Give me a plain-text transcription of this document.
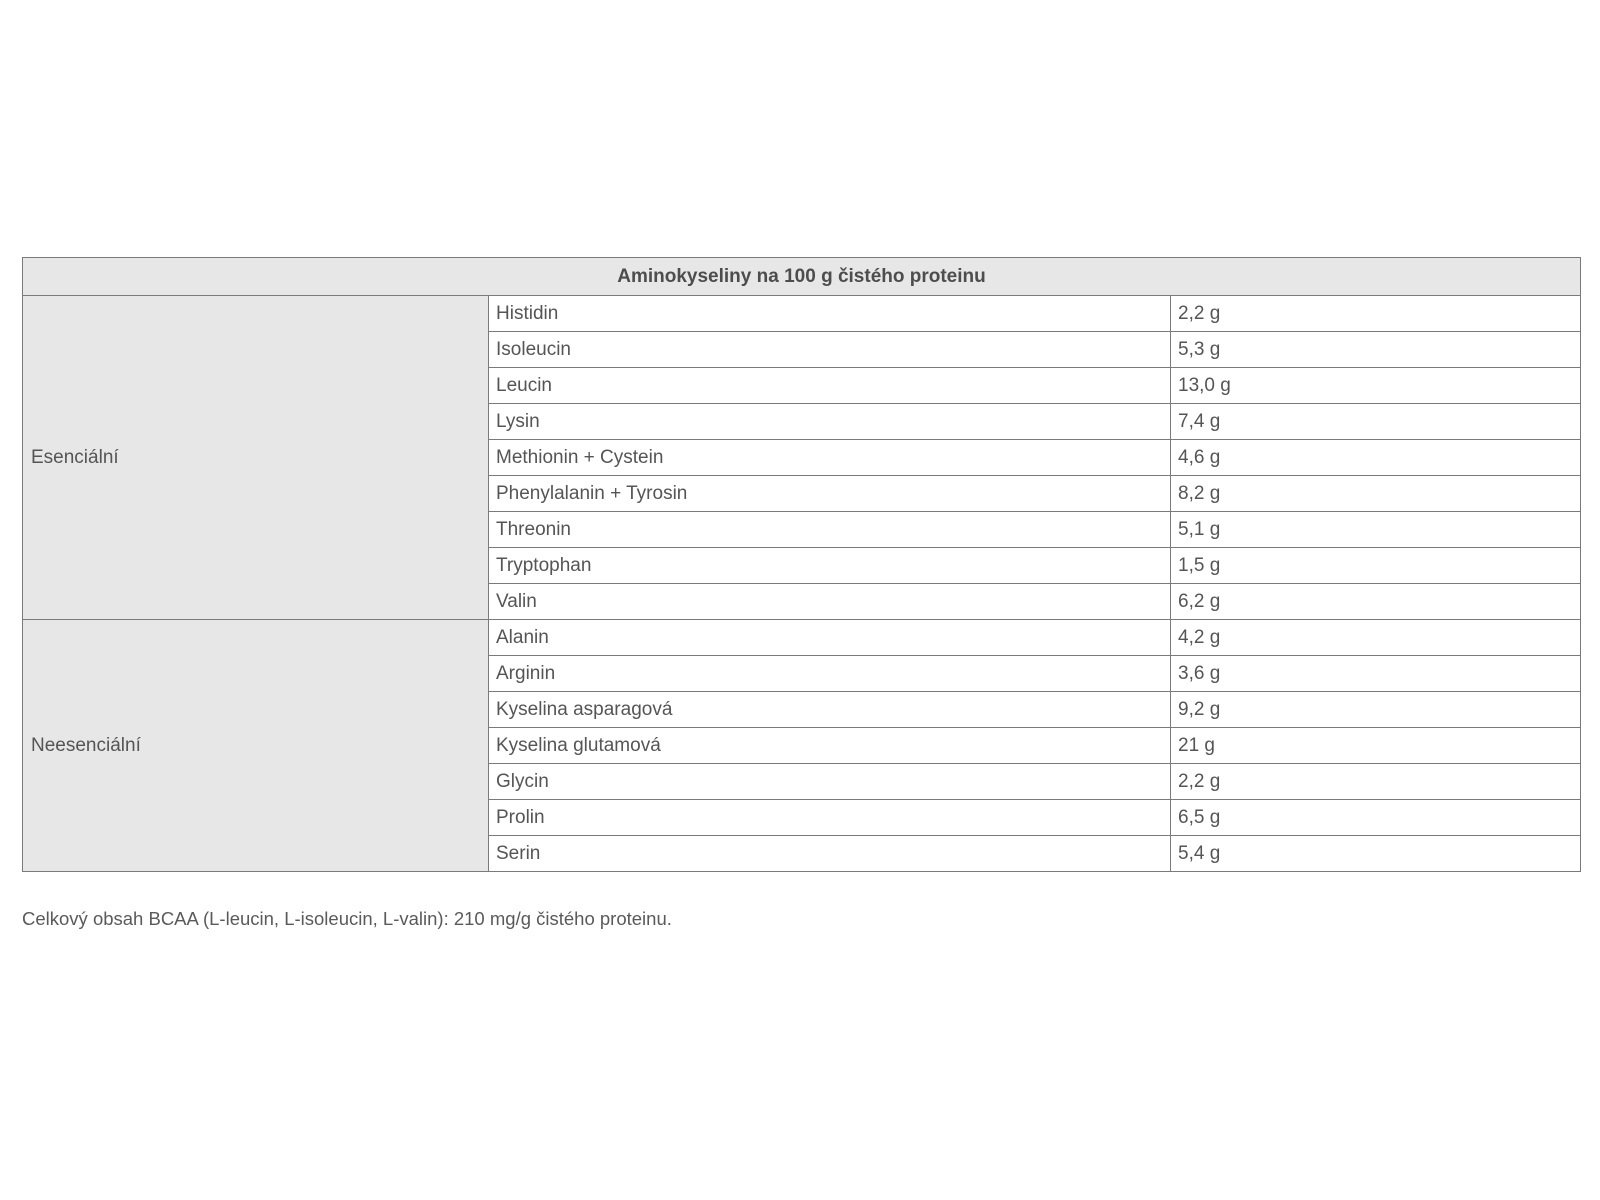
Aminokyseliny na 100 g čistého proteinu		
Esenciální	Histidin	2,2 g
	Isoleucin	5,3 g
	Leucin	13,0 g
	Lysin	7,4 g
	Methionin + Cystein	4,6 g
	Phenylalanin + Tyrosin	8,2 g
	Threonin	5,1 g
	Tryptophan	1,5 g
	Valin	6,2 g
Neesenciální	Alanin	4,2 g
	Arginin	3,6 g
	Kyselina asparagová	9,2 g
	Kyselina glutamová	21 g
	Glycin	2,2 g
	Prolin	6,5 g
	Serin	5,4 g
Celkový obsah BCAA (L-leucin, L-isoleucin, L-valin): 210 mg/g čistého proteinu.
